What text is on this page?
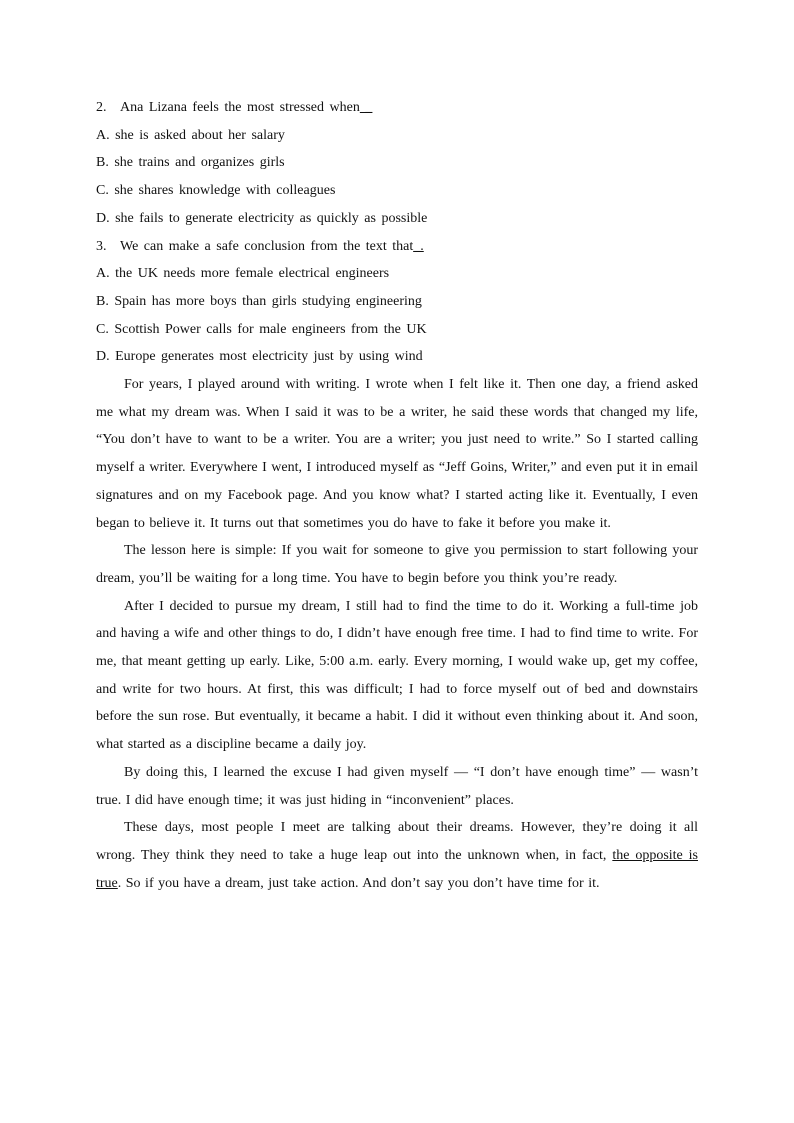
2. Ana Lizana feels the most stressed when _
A. she is asked about her salary
B. she trains and organizes girls
C. she shares knowledge with colleagues
D. she fails to generate electricity as quickly as possible
3. We can make a safe conclusion from the text that_.
A. the UK needs more female electrical engineers
B. Spain has more boys than girls studying engineering
C. Scottish Power calls for male engineers from the UK
D. Europe generates most electricity just by using wind

For years, I played around with writing. I wrote when I felt like it. Then one day, a friend asked me what my dream was. When I said it was to be a writer, he said these words that changed my life, “You don’t have to want to be a writer. You are a writer; you just need to write.” So I started calling myself a writer. Everywhere I went, I introduced myself as “Jeff Goins, Writer,” and even put it in email signatures and on my Facebook page. And you know what? I started acting like it. Eventually, I even began to believe it. It turns out that sometimes you do have to fake it before you make it.

The lesson here is simple: If you wait for someone to give you permission to start following your dream, you’ll be waiting for a long time. You have to begin before you think you’re ready.

After I decided to pursue my dream, I still had to find the time to do it. Working a full-time job and having a wife and other things to do, I didn’t have enough free time. I had to find time to write. For me, that meant getting up early. Like, 5:00 a.m. early. Every morning, I would wake up, get my coffee, and write for two hours. At first, this was difficult; I had to force myself out of bed and downstairs before the sun rose. But eventually, it became a habit. I did it without even thinking about it. And soon, what started as a discipline became a daily joy.

By doing this, I learned the excuse I had given myself — “I don’t have enough time” — wasn’t true. I did have enough time; it was just hiding in “inconvenient” places.

These days, most people I meet are talking about their dreams. However, they’re doing it all wrong. They think they need to take a huge leap out into the unknown when, in fact, the opposite is true. So if you have a dream, just take action. And don’t say you don’t have time for it.
